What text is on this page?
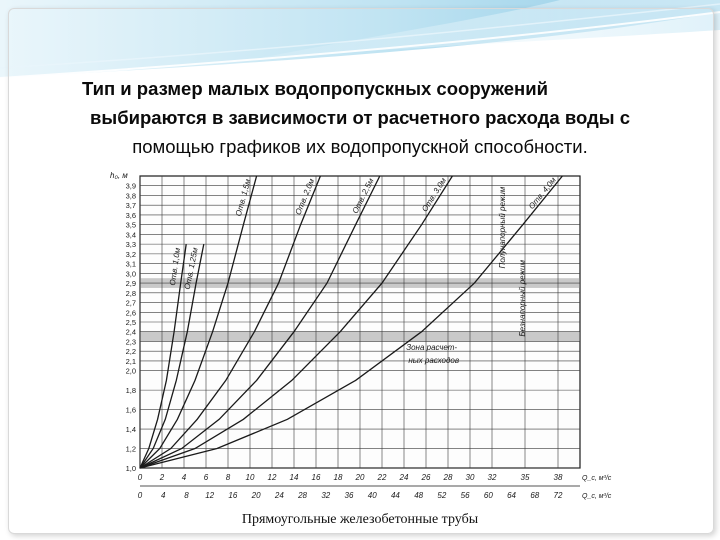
Тип и размер малых водопропускных сооружений
выбираются в зависимости от расчетного расхода воды с
помощью графиков их водопропускной способности.
1,0
1,2
1,4
1,6
1,8
2,0
2,1
2,2
2,3
2,4
2,5
2,6
2,7
2,8
2,9
3,0
3,1
3,2
3,3
3,4
3,5
3,6
3,7
3,8
3,9
0 2 4 6 8 10 12 14 16 18 20 22 24 26 28 30 32	35	38
0 4 8 12 16 20 24 28 32 36 40 44 48 52 56 60 64 68 72
h₀, м
Q_с, м³/с
Q_с, м³/с
Отв. 1,0м Отв. 1,25м
Отв. 1,5м	Отв. 2,0м	Отв. 2,5м	Отв. 3,0м	Отв. 4,0м
Зона расчет-
ных расходов
Полунапорный режим
Безнапорный режим
Прямоугольные железобетонные трубы
